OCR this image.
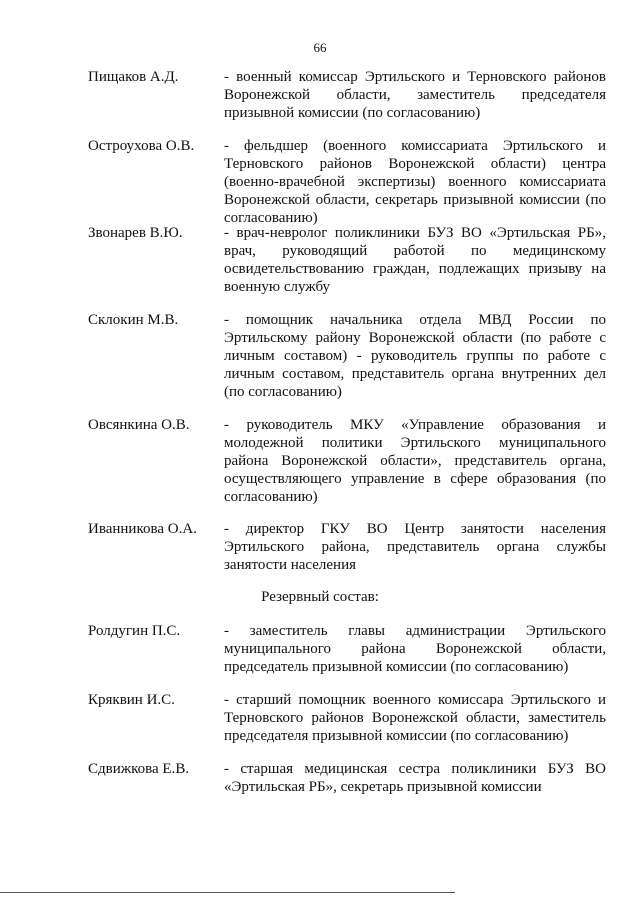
66
Пищаков А.Д.	- военный комиссар Эртильского и Терновского районов Воронежской области, заместитель председателя призывной комиссии (по согласованию)
Остроухова О.В. - фельдшер (военного комиссариата Эртильского и Терновского районов Воронежской области) центра (военно-врачебной экспертизы) военного комиссариата Воронежской области, секретарь призывной комиссии (по согласованию)
Звонарев В.Ю.	- врач-невролог поликлиники БУЗ ВО «Эртильская РБ», врач, руководящий работой по медицинскому освидетельствованию граждан, подлежащих призыву на военную службу
Склокин М.В.	- помощник начальника отдела МВД России по Эртильскому району Воронежской области (по работе с личным составом) - руководитель группы по работе с личным составом, представитель органа внутренних дел (по согласованию)
Овсянкина О.В. - руководитель МКУ «Управление образования и молодежной политики Эртильского муниципального района Воронежской области», представитель органа, осуществляющего управление в сфере образования (по согласованию)
Иванникова О.А. - директор ГКУ ВО Центр занятости населения Эртильского района, представитель органа службы занятости населения
Резервный состав:
Ролдугин П.С.	- заместитель главы администрации Эртильского муниципального района Воронежской области, председатель призывной комиссии (по согласованию)
Кряквин И.С.	- старший помощник военного комиссара Эртильского и Терновского районов Воронежской области, заместитель председателя призывной комиссии (по согласованию)
Сдвижкова Е.В. - старшая медицинская сестра поликлиники БУЗ ВО «Эртильская РБ», секретарь призывной комиссии
